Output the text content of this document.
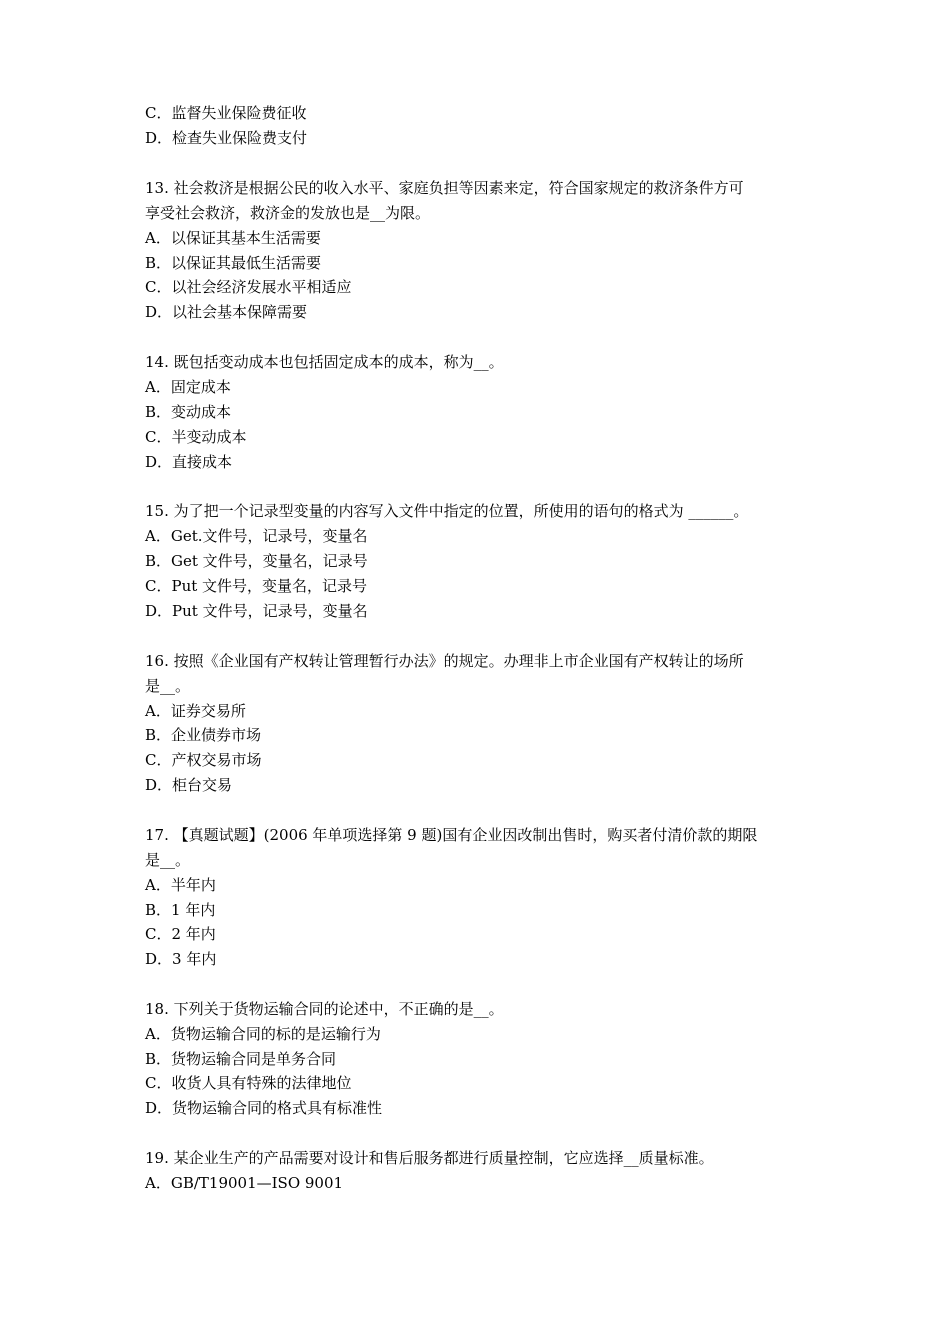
C．监督失业保险费征收
D．检查失业保险费支付
13. 社会救济是根据公民的收入水平、家庭负担等因素来定，符合国家规定的救济条件方可
享受社会救济，救济金的发放也是__为限。
A．以保证其基本生活需要
B．以保证其最低生活需要
C．以社会经济发展水平相适应
D．以社会基本保障需要
14. 既包括变动成本也包括固定成本的成本，称为__。
A．固定成本
B．变动成本
C．半变动成本
D．直接成本
15. 为了把一个记录型变量的内容写入文件中指定的位置，所使用的语句的格式为 ______。
A．Get.文件号，记录号，变量名
B．Get 文件号，变量名，记录号
C．Put 文件号，变量名，记录号
D．Put 文件号，记录号，变量名
16. 按照《企业国有产权转让管理暂行办法》的规定。办理非上市企业国有产权转让的场所
是__。
A．证券交易所
B．企业债券市场
C．产权交易市场
D．柜台交易
17. 【真题试题】(2006 年单项选择第 9 题)国有企业因改制出售时，购买者付清价款的期限
是__。
A．半年内
B．1 年内
C．2 年内
D．3 年内
18. 下列关于货物运输合同的论述中，不正确的是__。
A．货物运输合同的标的是运输行为
B．货物运输合同是单务合同
C．收货人具有特殊的法律地位
D．货物运输合同的格式具有标准性
19. 某企业生产的产品需要对设计和售后服务都进行质量控制，它应选择__质量标准。
A．GB/T19001—ISO 9001
